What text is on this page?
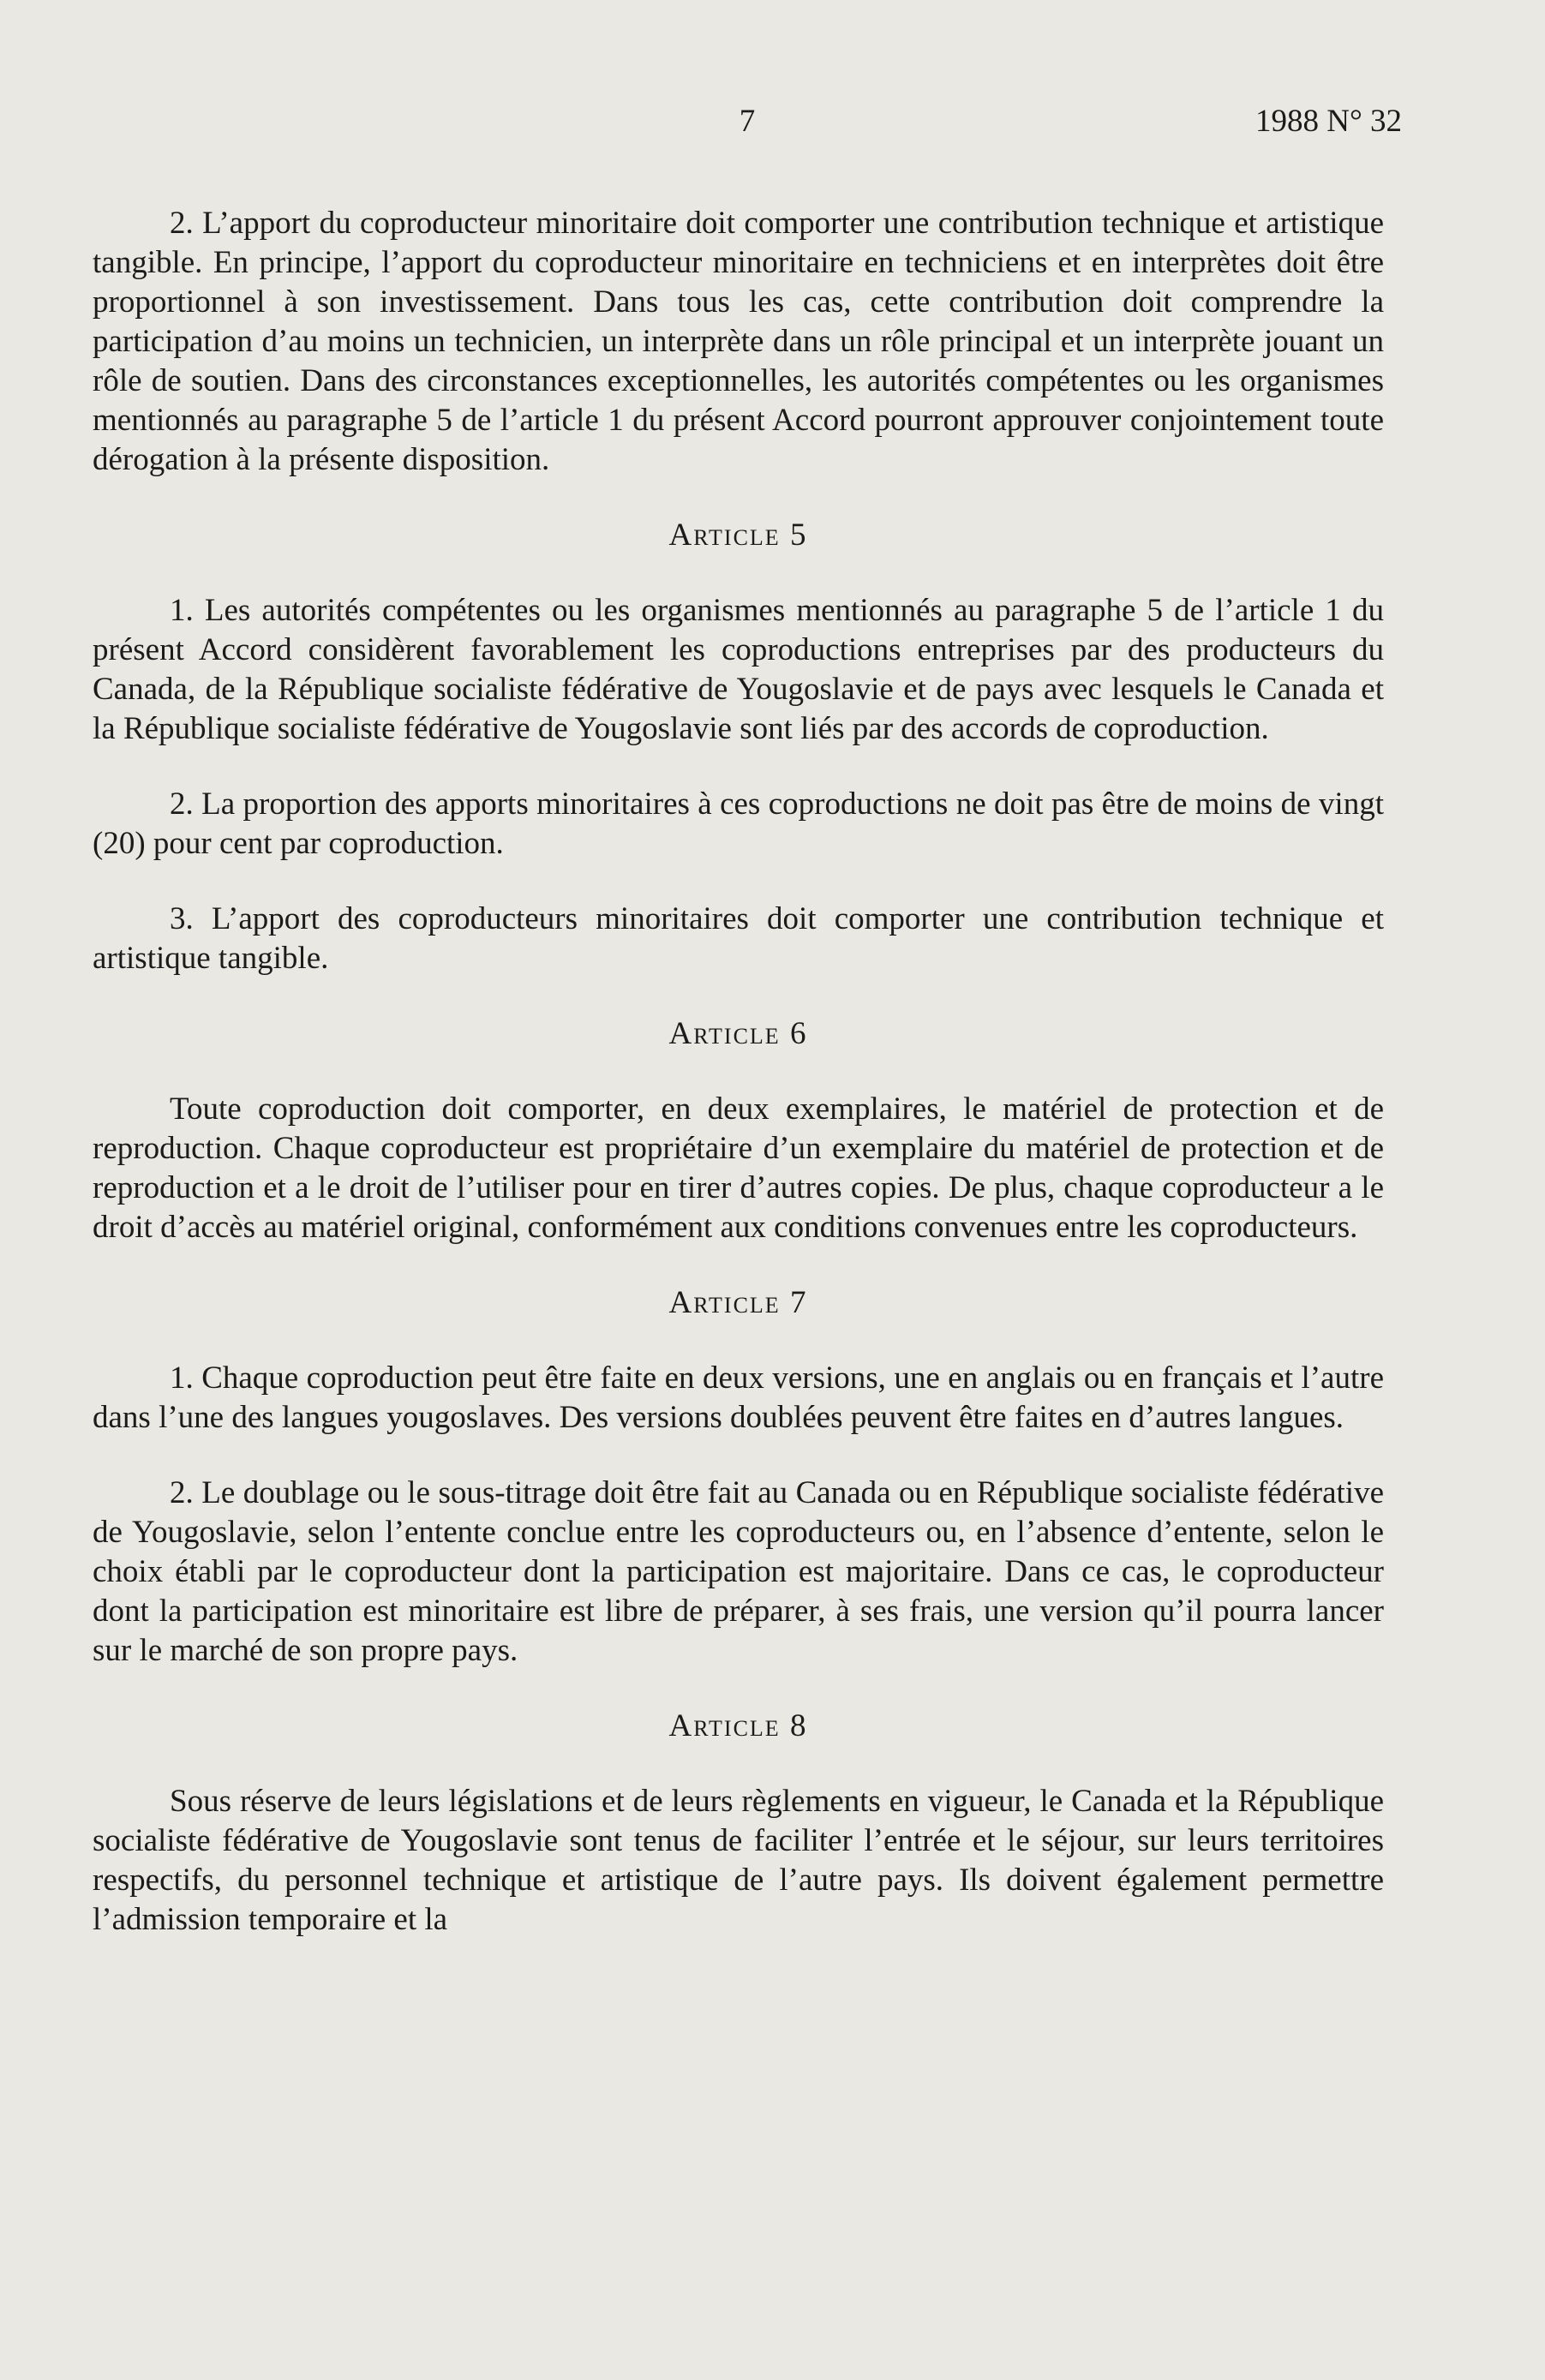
7	1988 N° 32

2. L’apport du coproducteur minoritaire doit comporter une contribution technique et artistique tangible. En principe, l’apport du coproducteur minoritaire en techniciens et en interprètes doit être proportionnel à son investissement. Dans tous les cas, cette contribution doit comprendre la participation d’au moins un technicien, un interprète dans un rôle principal et un interprète jouant un rôle de soutien. Dans des circonstances exceptionnelles, les autorités compétentes ou les organismes mentionnés au paragraphe 5 de l’article 1 du présent Accord pourront approuver conjointement toute dérogation à la présente disposition.

Article 5

1. Les autorités compétentes ou les organismes mentionnés au paragraphe 5 de l’article 1 du présent Accord considèrent favorablement les coproductions entreprises par des producteurs du Canada, de la République socialiste fédérative de Yougoslavie et de pays avec lesquels le Canada et la République socialiste fédérative de Yougoslavie sont liés par des accords de coproduction.

2. La proportion des apports minoritaires à ces coproductions ne doit pas être de moins de vingt (20) pour cent par coproduction.

3. L’apport des coproducteurs minoritaires doit comporter une contribution technique et artistique tangible.

Article 6

Toute coproduction doit comporter, en deux exemplaires, le matériel de protection et de reproduction. Chaque coproducteur est propriétaire d’un exemplaire du matériel de protection et de reproduction et a le droit de l’utiliser pour en tirer d’autres copies. De plus, chaque coproducteur a le droit d’accès au matériel original, conformément aux conditions convenues entre les coproducteurs.

Article 7

1. Chaque coproduction peut être faite en deux versions, une en anglais ou en français et l’autre dans l’une des langues yougoslaves. Des versions doublées peuvent être faites en d’autres langues.

2. Le doublage ou le sous-titrage doit être fait au Canada ou en République socialiste fédérative de Yougoslavie, selon l’entente conclue entre les coproducteurs ou, en l’absence d’entente, selon le choix établi par le coproducteur dont la participation est majoritaire. Dans ce cas, le coproducteur dont la participation est minoritaire est libre de préparer, à ses frais, une version qu’il pourra lancer sur le marché de son propre pays.

Article 8

Sous réserve de leurs législations et de leurs règlements en vigueur, le Canada et la République socialiste fédérative de Yougoslavie sont tenus de faciliter l’entrée et le séjour, sur leurs territoires respectifs, du personnel technique et artistique de l’autre pays. Ils doivent également permettre l’admission temporaire et la
